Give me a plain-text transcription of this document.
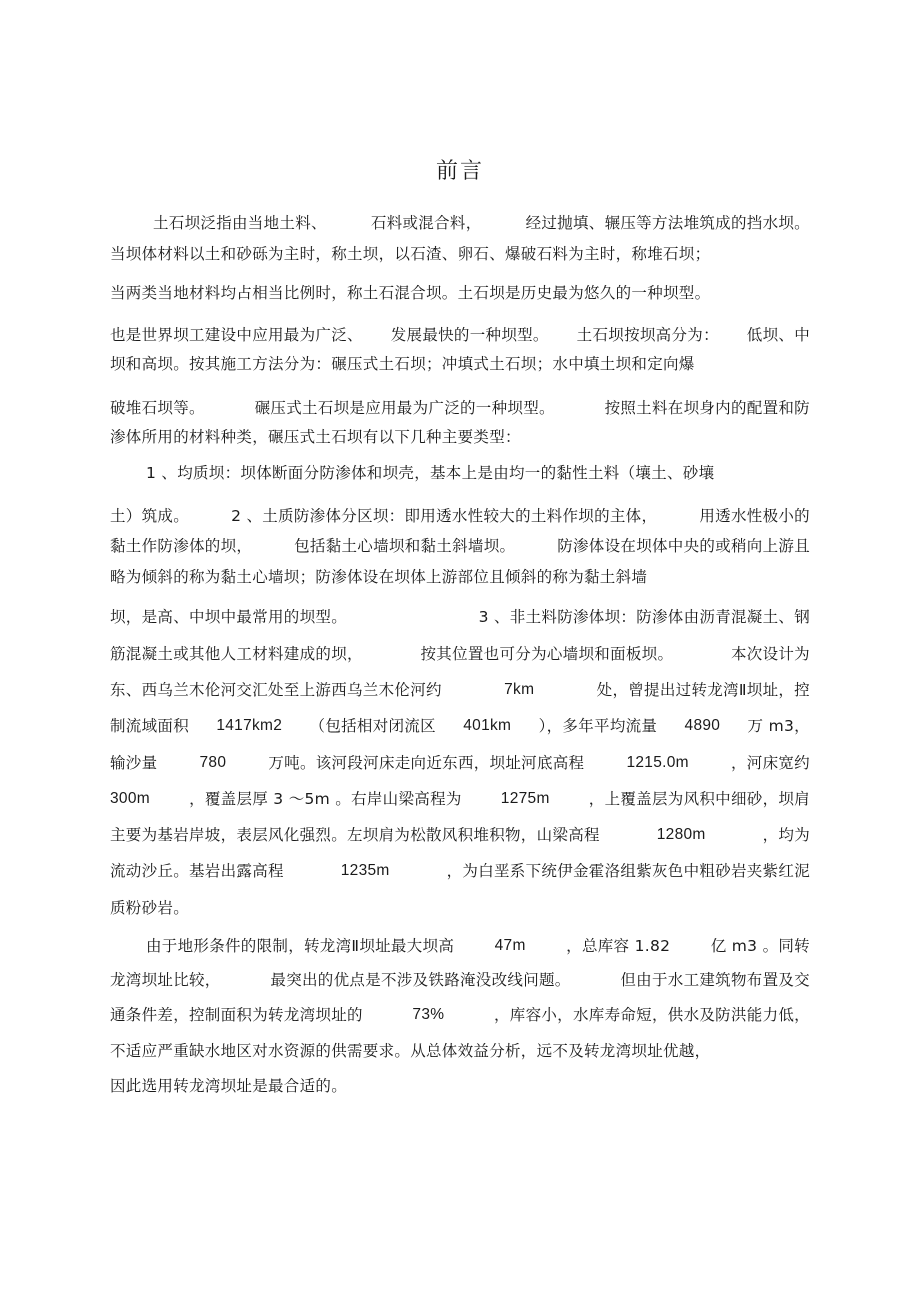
前言
土石坝泛指由当地土料、	石料或混合料，	经过抛填、辗压等方法堆筑成的挡水坝。
当坝体材料以土和砂砾为主时，称土坝，以石渣、卵石、爆破石料为主时，称堆石坝；
当两类当地材料均占相当比例时，称土石混合坝。土石坝是历史最为悠久的一种坝型。
也是世界坝工建设中应用最为广泛、 发展最快的一种坝型。 土石坝按坝高分为： 低坝、中
坝和高坝。按其施工方法分为：碾压式土石坝；冲填式土石坝；水中填土坝和定向爆
破堆石坝等。	碾压式土石坝是应用最为广泛的一种坝型。	按照土料在坝身内的配置和防
渗体所用的材料种类，碾压式土石坝有以下几种主要类型：
1 、均质坝：坝体断面分防渗体和坝壳，基本上是由均一的黏性土料（壤土、砂壤
土）筑成。	2 、土质防渗体分区坝：即用透水性较大的土料作坝的主体，	用透水性极小的
黏土作防渗体的坝，	包括黏土心墙坝和黏土斜墙坝。	防渗体设在坝体中央的或稍向上游且
略为倾斜的称为黏土心墙坝；防渗体设在坝体上游部位且倾斜的称为黏土斜墙
坝，是高、中坝中最常用的坝型。	3 、非土料防渗体坝：防渗体由沥青混凝土、钢
筋混凝土或其他人工材料建成的坝，	按其位置也可分为心墙坝和面板坝。	本次设计为
东、西乌兰木伦河交汇处至上游西乌兰木伦河约	7km	处，曾提出过转龙湾Ⅱ坝址，控
制流域面积 1417km2 （包括相对闭流区 401km ），多年平均流量 4890 万 m3，
输沙量	780	万吨。该河段河床走向近东西，坝址河底高程	1215.0m	，河床宽约
300m	，覆盖层厚 3 ～5m 。右岸山梁高程为	1275m	，上覆盖层为风积中细砂，坝肩
主要为基岩岸坡，表层风化强烈。左坝肩为松散风积堆积物，山梁高程	1280m	，均为
流动沙丘。基岩出露高程	1235m	，为白垩系下统伊金霍洛组紫灰色中粗砂岩夹紫红泥
质粉砂岩。
由于地形条件的限制，转龙湾Ⅱ坝址最大坝高	47m	，总库容 1.82	亿 m3 。同转
龙湾坝址比较，	最突出的优点是不涉及铁路淹没改线问题。	但由于水工建筑物布置及交
通条件差，控制面积为转龙湾坝址的	73%	，库容小，水库寿命短，供水及防洪能力低，
不适应严重缺水地区对水资源的供需要求。从总体效益分析，远不及转龙湾坝址优越，
因此选用转龙湾坝址是最合适的。
